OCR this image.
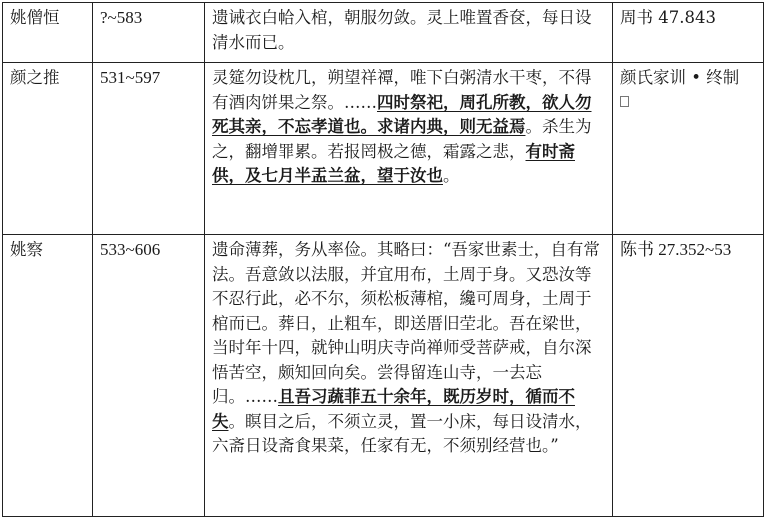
姚僧恒	?~583	遗诫衣白帢入棺，朝服勿敛。灵上唯置香奁，每日设清水而已。	周书 47.843
颜之推	531~597	灵筵勿设枕几，朔望祥禫，唯下白粥清水干枣，不得有酒肉饼果之祭。……四时祭祀，周孔所教，欲人勿死其亲，不忘孝道也。求诸内典，则无益焉。杀生为之，翻增罪累。若报罔极之德，霜露之悲，有时斋供，及七月半盂兰盆，望于汝也。	颜氏家训 • 终制

姚察	533~606	遗命薄葬，务从率俭。其略曰：“吾家世素士，自有常法。吾意敛以法服，并宜用布，土周于身。又恐汝等不忍行此，必不尔，须松板薄棺，纔可周身，土周于棺而已。葬日，止粗车，即送厝旧茔北。吾在梁世，当时年十四，就钟山明庆寺尚禅师受菩萨戒，自尔深悟苦空，颇知回向矣。尝得留连山寺，一去忘归。……且吾习蔬菲五十余年，既历岁时，循而不失。瞑目之后，不须立灵，置一小床，每日设清水，六斋日设斋食果菜，任家有无，不须别经营也。”	陈书 27.352~53
